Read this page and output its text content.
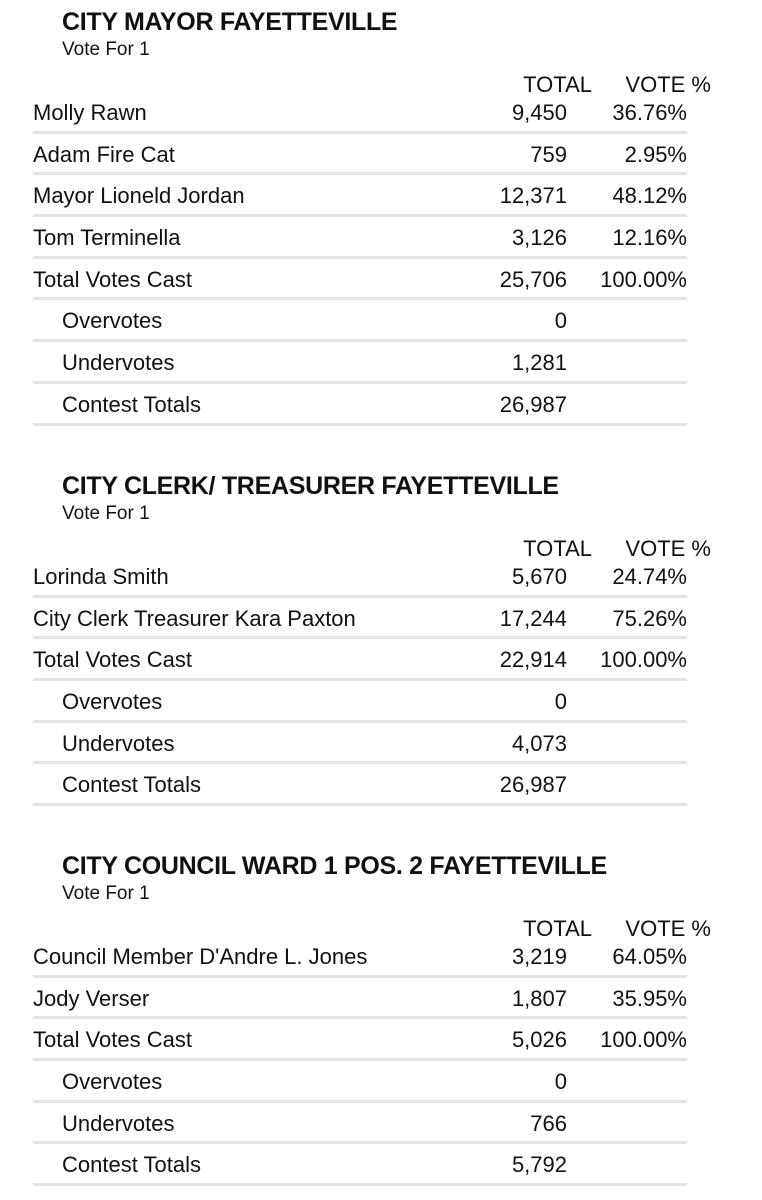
CITY MAYOR FAYETTEVILLE
Vote For 1
TOTAL VOTE %
Molly Rawn	9,450 36.76%
Adam Fire Cat	759	2.95%
Mayor Lioneld Jordan	12,371 48.12%
Tom Terminella	3,126 12.16%
Total Votes Cast	25,706 100.00%
Overvotes	0
Undervotes	1,281
Contest Totals	26,987
CITY CLERK/ TREASURER FAYETTEVILLE
Vote For 1
TOTAL VOTE %
Lorinda Smith	5,670 24.74%
City Clerk Treasurer Kara Paxton	17,244 75.26%
Total Votes Cast	22,914 100.00%
Overvotes	0
Undervotes	4,073
Contest Totals	26,987
CITY COUNCIL WARD 1 POS. 2 FAYETTEVILLE
Vote For 1
TOTAL VOTE %
Council Member D'Andre L. Jones	3,219 64.05%
Jody Verser	1,807 35.95%
Total Votes Cast	5,026 100.00%
Overvotes	0
Undervotes	766
Contest Totals	5,792
